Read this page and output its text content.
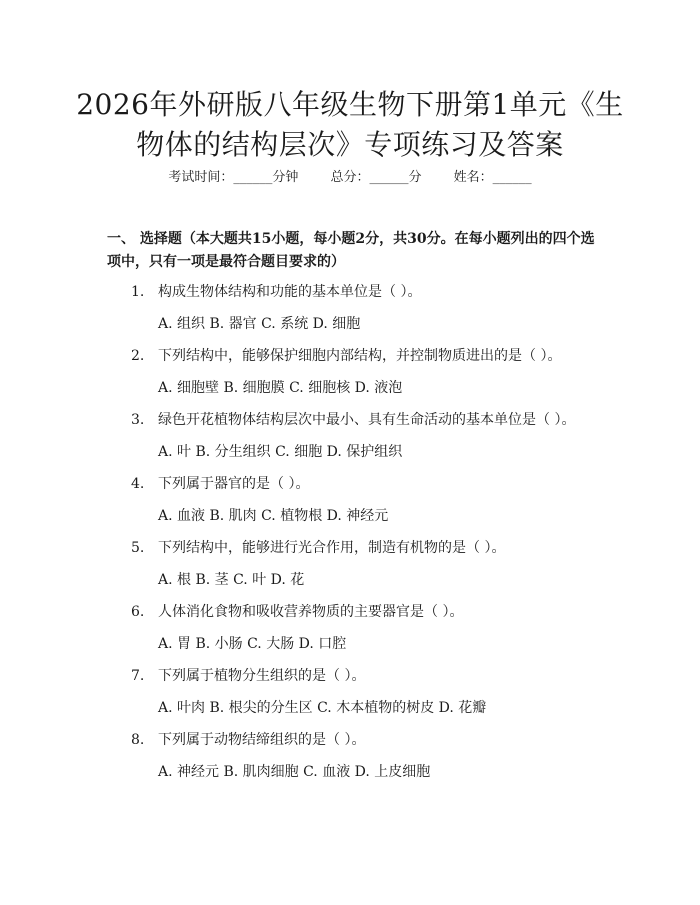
2026年外研版八年级生物下册第1单元《生
物体的结构层次》专项练习及答案
考试时间：______分钟 总分：______分 姓名：______
一、 选择题（本大题共15小题，每小题2分，共30分。在每小题列出的四个选项中，只有一项是最符合题目要求的）
1. 构成生物体结构和功能的基本单位是（ ）。
A. 组织 B. 器官 C. 系统 D. 细胞
2. 下列结构中，能够保护细胞内部结构，并控制物质进出的是（ ）。
A. 细胞壁 B. 细胞膜 C. 细胞核 D. 液泡
3. 绿色开花植物体结构层次中最小、具有生命活动的基本单位是（ ）。
A. 叶 B. 分生组织 C. 细胞 D. 保护组织
4. 下列属于器官的是（ ）。
A. 血液 B. 肌肉 C. 植物根 D. 神经元
5. 下列结构中，能够进行光合作用，制造有机物的是（ ）。
A. 根 B. 茎 C. 叶 D. 花
6. 人体消化食物和吸收营养物质的主要器官是（ ）。
A. 胃 B. 小肠 C. 大肠 D. 口腔
7. 下列属于植物分生组织的是（ ）。
A. 叶肉 B. 根尖的分生区 C. 木本植物的树皮 D. 花瓣
8. 下列属于动物结缔组织的是（ ）。
A. 神经元 B. 肌肉细胞 C. 血液 D. 上皮细胞
